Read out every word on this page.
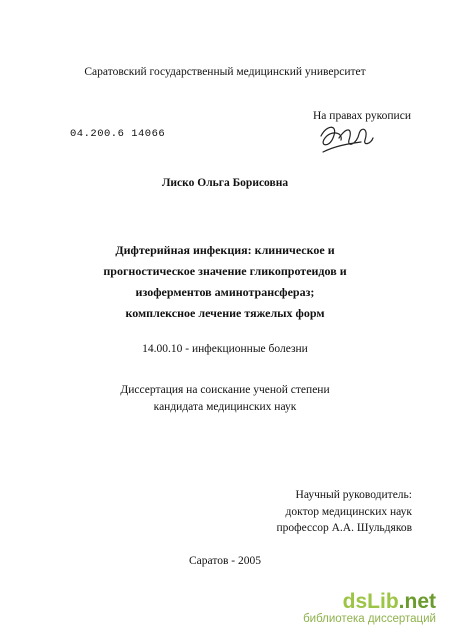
Саратовский государственный медицинский университет
На правах рукописи
04.200.6 14066
Лиско Ольга Борисовна
Дифтерийная инфекция: клиническое и
прогностическое значение гликопротеидов и
изоферментов аминотрансфераз;
комплексное лечение тяжелых форм
14.00.10 - инфекционные болезни
Диссертация на соискание ученой степени
кандидата медицинских наук
Научный руководитель:
доктор медицинских наук
профессор А.А. Шульдяков
Саратов - 2005
dsLib.net
библиотека диссертаций
